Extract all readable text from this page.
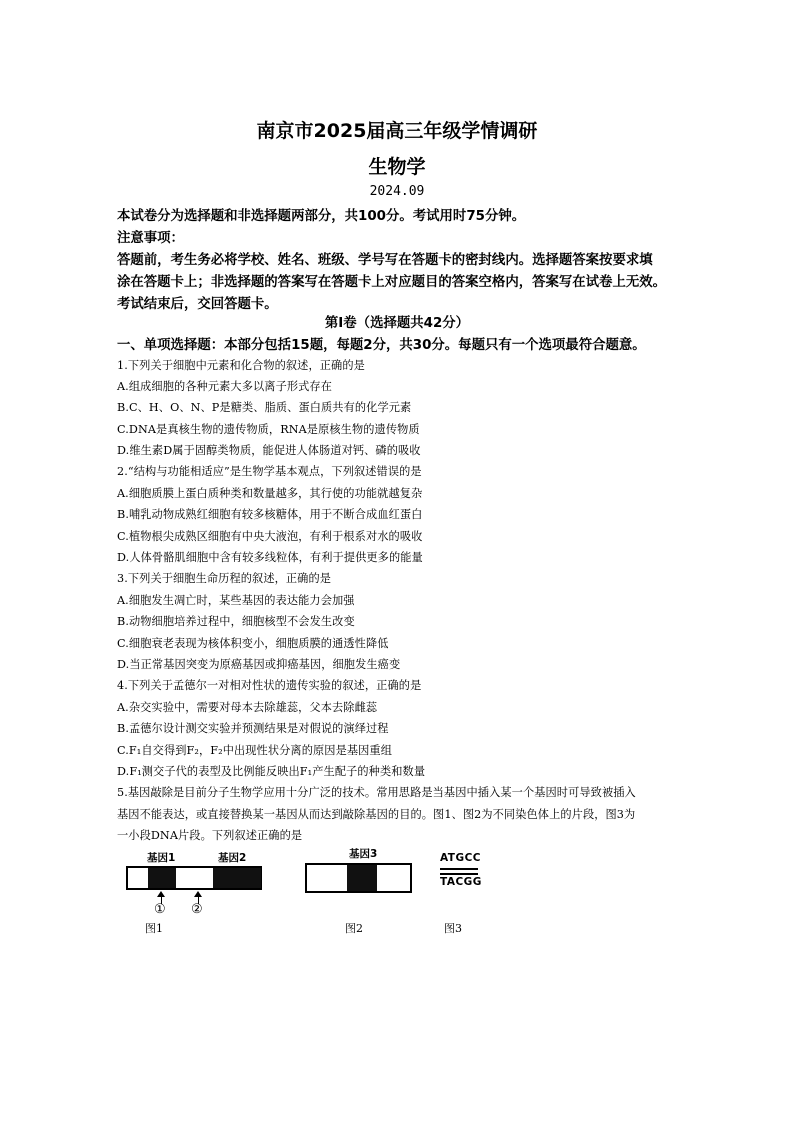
南京市2025届高三年级学情调研
生物学
2024.09
本试卷分为选择题和非选择题两部分，共100分。考试用时75分钟。
注意事项：
答题前，考生务必将学校、姓名、班级、学号写在答题卡的密封线内。选择题答案按要求填
涂在答题卡上；非选择题的答案写在答题卡上对应题目的答案空格内，答案写在试卷上无效。
考试结束后，交回答题卡。
第Ⅰ卷（选择题共42分）
一、单项选择题：本部分包括15题，每题2分，共30分。每题只有一个选项最符合题意。
1.下列关于细胞中元素和化合物的叙述，正确的是
A.组成细胞的各种元素大多以离子形式存在
B.C、H、O、N、P是糖类、脂质、蛋白质共有的化学元素
C.DNA是真核生物的遗传物质，RNA是原核生物的遗传物质
D.维生素D属于固醇类物质，能促进人体肠道对钙、磷的吸收
2.“结构与功能相适应”是生物学基本观点，下列叙述错误的是
A.细胞质膜上蛋白质种类和数量越多，其行使的功能就越复杂
B.哺乳动物成熟红细胞有较多核糖体，用于不断合成血红蛋白
C.植物根尖成熟区细胞有中央大液泡，有利于根系对水的吸收
D.人体骨骼肌细胞中含有较多线粒体，有利于提供更多的能量
3.下列关于细胞生命历程的叙述，正确的是
A.细胞发生凋亡时，某些基因的表达能力会加强
B.动物细胞培养过程中，细胞核型不会发生改变
C.细胞衰老表现为核体积变小，细胞质膜的通透性降低
D.当正常基因突变为原癌基因或抑癌基因，细胞发生癌变
4.下列关于孟德尔一对相对性状的遗传实验的叙述，正确的是
A.杂交实验中，需要对母本去除雄蕊，父本去除雌蕊
B.孟德尔设计测交实验并预测结果是对假说的演绎过程
C.F₁自交得到F₂，F₂中出现性状分离的原因是基因重组
D.F₁测交子代的表型及比例能反映出F₁产生配子的种类和数量
5.基因敲除是目前分子生物学应用十分广泛的技术。常用思路是当基因中插入某一个基因时可导致被插入
基因不能表达，或直接替换某一基因从而达到敲除基因的目的。图1、图2为不同染色体上的片段，图3为
一小段DNA片段。下列叙述正确的是
基因1	基因2
① ②
图1
基因3
图2
ATGCC
TACGG
图3
